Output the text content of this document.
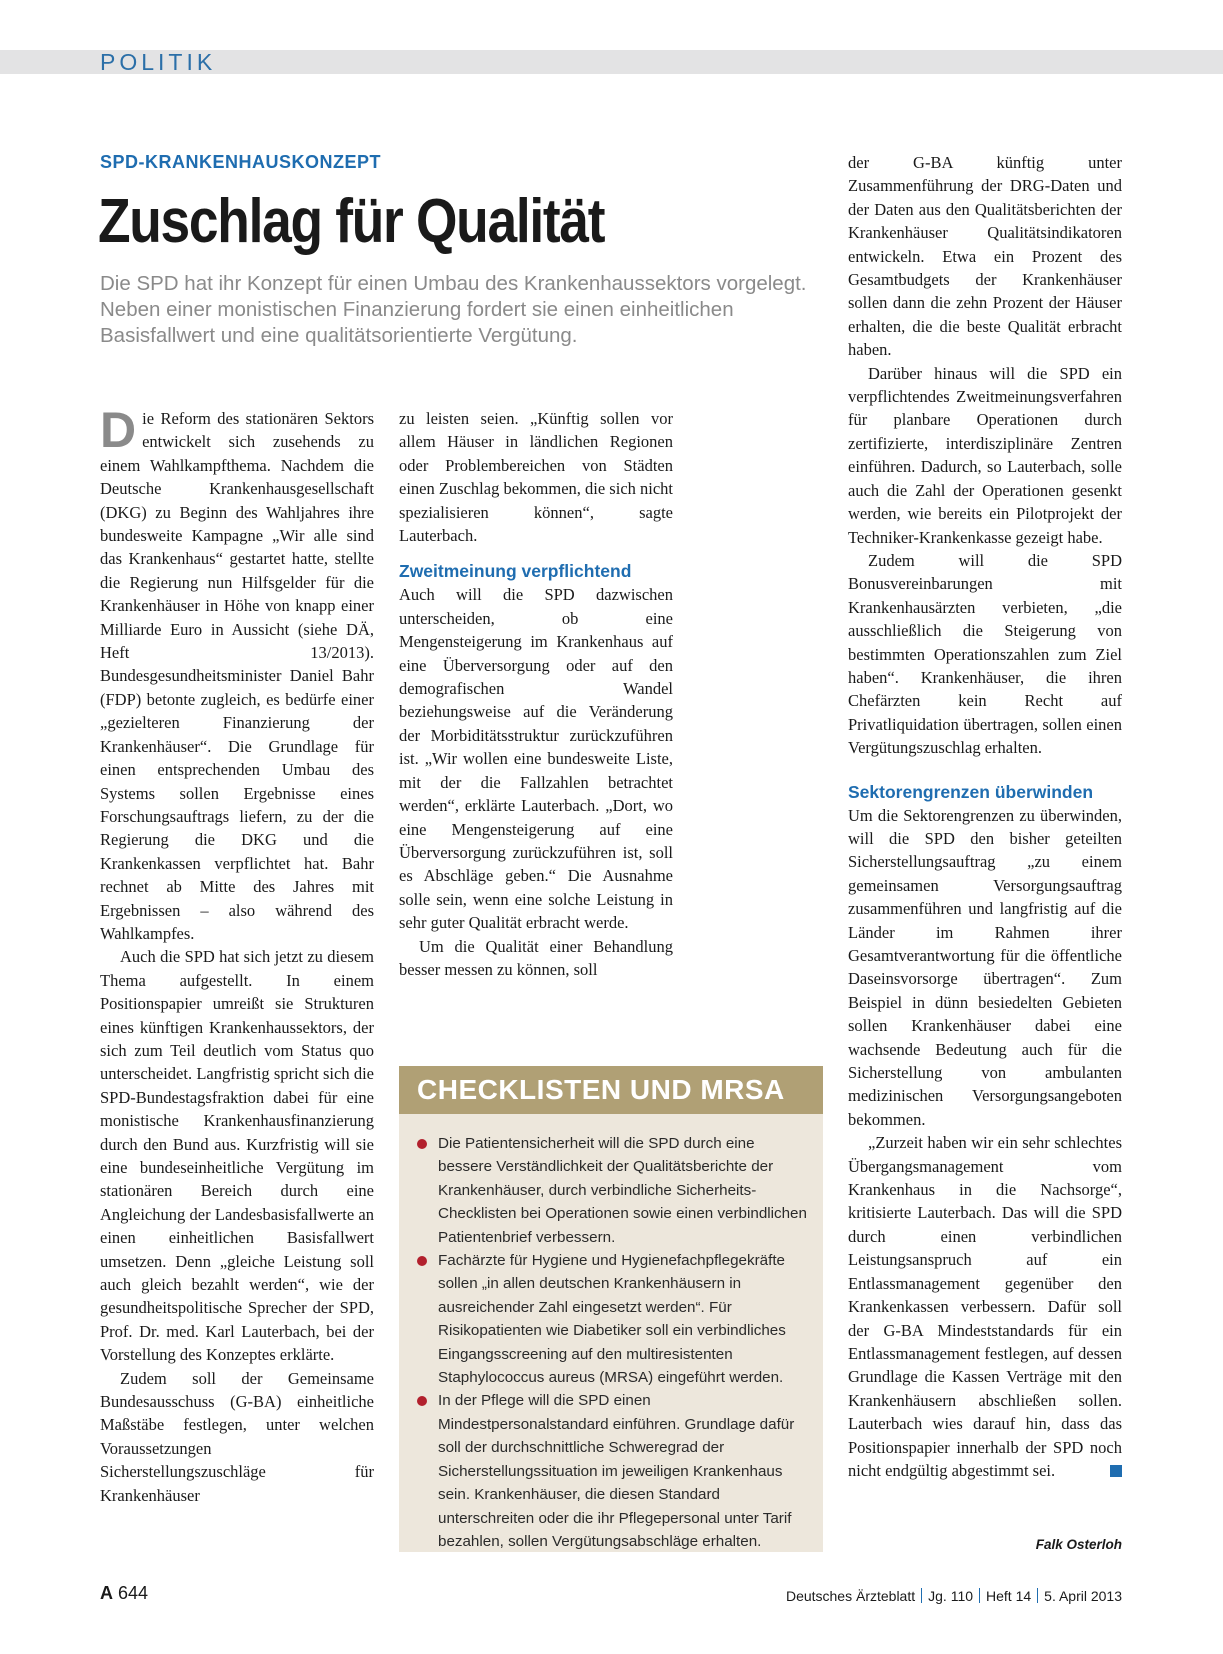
POLITIK
SPD-KRANKENHAUSKONZEPT
Zuschlag für Qualität

Die SPD hat ihr Konzept für einen Umbau des Krankenhaussektors vorgelegt. Neben einer monistischen Finanzierung fordert sie einen einheitlichen Basisfallwert und eine qualitätsorientierte Vergütung.

Die Reform des stationären Sektors entwickelt sich zusehends zu einem Wahlkampfthema. Nachdem die Deutsche Krankenhausgesellschaft (DKG) zu Beginn des Wahljahres ihre bundesweite Kampagne „Wir alle sind das Krankenhaus“ gestartet hatte, stellte die Regierung nun Hilfsgelder für die Krankenhäuser in Höhe von knapp einer Milliarde Euro in Aussicht (siehe DÄ, Heft 13/2013). Bundesgesundheitsminister Daniel Bahr (FDP) betonte zugleich, es bedürfe einer „gezielteren Finanzierung der Krankenhäuser“. Die Grundlage für einen entsprechenden Umbau des Systems sollen Ergebnisse eines Forschungsauftrags liefern, zu der die Regierung die DKG und die Krankenkassen verpflichtet hat. Bahr rechnet ab Mitte des Jahres mit Ergebnissen – also während des Wahlkampfes.

Auch die SPD hat sich jetzt zu diesem Thema aufgestellt. In einem Positionspapier umreißt sie Strukturen eines künftigen Krankenhaussektors, der sich zum Teil deutlich vom Status quo unterscheidet. Langfristig spricht sich die SPD-Bundestagsfraktion dabei für eine monistische Krankenhausfinanzierung durch den Bund aus. Kurzfristig will sie eine bundeseinheitliche Vergütung im stationären Bereich durch eine Angleichung der Landesbasisfallwerte an einen einheitlichen Basisfallwert umsetzen. Denn „gleiche Leistung soll auch gleich bezahlt werden“, wie der gesundheitspolitische Sprecher der SPD, Prof. Dr. med. Karl Lauterbach, bei der Vorstellung des Konzeptes erklärte.

Zudem soll der Gemeinsame Bundesausschuss (G-BA) einheitliche Maßstäbe festlegen, unter welchen Voraussetzungen Sicherstellungszuschläge für Krankenhäuser

zu leisten seien. „Künftig sollen vor allem Häuser in ländlichen Regionen oder Problembereichen von Städten einen Zuschlag bekommen, die sich nicht spezialisieren können“, sagte Lauterbach.

Zweitmeinung verpflichtend

Auch will die SPD dazwischen unterscheiden, ob eine Mengensteigerung im Krankenhaus auf eine Überversorgung oder auf den demografischen Wandel beziehungsweise auf die Veränderung der Morbiditätsstruktur zurückzuführen ist. „Wir wollen eine bundesweite Liste, mit der die Fallzahlen betrachtet werden“, erklärte Lauterbach. „Dort, wo eine Mengensteigerung auf eine Überversorgung zurückzuführen ist, soll es Abschläge geben.“ Die Ausnahme solle sein, wenn eine solche Leistung in sehr guter Qualität erbracht werde.

Um die Qualität einer Behandlung besser messen zu können, soll

der G-BA künftig unter Zusammenführung der DRG-Daten und der Daten aus den Qualitätsberichten der Krankenhäuser Qualitätsindikatoren entwickeln. Etwa ein Prozent des Gesamtbudgets der Krankenhäuser sollen dann die zehn Prozent der Häuser erhalten, die die beste Qualität erbracht haben.

Darüber hinaus will die SPD ein verpflichtendes Zweitmeinungsverfahren für planbare Operationen durch zertifizierte, interdisziplinäre Zentren einführen. Dadurch, so Lauterbach, solle auch die Zahl der Operationen gesenkt werden, wie bereits ein Pilotprojekt der Techniker-Krankenkasse gezeigt habe.

Zudem will die SPD Bonusvereinbarungen mit Krankenhausärzten verbieten, „die ausschließlich die Steigerung von bestimmten Operationszahlen zum Ziel haben“. Krankenhäuser, die ihren Chefärzten kein Recht auf Privatliquidation übertragen, sollen einen Vergütungszuschlag erhalten.

Sektorengrenzen überwinden

Um die Sektorengrenzen zu überwinden, will die SPD den bisher geteilten Sicherstellungsauftrag „zu einem gemeinsamen Versorgungsauftrag zusammenführen und langfristig auf die Länder im Rahmen ihrer Gesamtverantwortung für die öffentliche Daseinsvorsorge übertragen“. Zum Beispiel in dünn besiedelten Gebieten sollen Krankenhäuser dabei eine wachsende Bedeutung auch für die Sicherstellung von ambulanten medizinischen Versorgungsangeboten bekommen.

„Zurzeit haben wir ein sehr schlechtes Übergangsmanagement vom Krankenhaus in die Nachsorge“, kritisierte Lauterbach. Das will die SPD durch einen verbindlichen Leistungsanspruch auf ein Entlassmanagement gegenüber den Krankenkassen verbessern. Dafür soll der G-BA Mindeststandards für ein Entlassmanagement festlegen, auf dessen Grundlage die Kassen Verträge mit den Krankenhäusern abschließen sollen. Lauterbach wies darauf hin, dass das Positionspapier innerhalb der SPD noch nicht endgültig abgestimmt sei.

Falk Osterloh
CHECKLISTEN UND MRSA
Die Patientensicherheit will die SPD durch eine bessere Verständlichkeit der Qualitätsberichte der Krankenhäuser, durch verbindliche Sicherheits-Checklisten bei Operationen sowie einen verbindlichen Patientenbrief verbessern.
Fachärzte für Hygiene und Hygienefachpflegekräfte sollen „in allen deutschen Krankenhäusern in ausreichender Zahl eingesetzt werden“. Für Risikopatienten wie Diabetiker soll ein verbindliches Eingangsscreening auf den multiresistenten Staphylococcus aureus (MRSA) eingeführt werden.
In der Pflege will die SPD einen Mindestpersonalstandard einführen. Grundlage dafür soll der durchschnittliche Schweregrad der Sicherstellungssituation im jeweiligen Krankenhaus sein. Krankenhäuser, die diesen Standard unterschreiten oder die ihr Pflegepersonal unter Tarif bezahlen, sollen Vergütungsabschläge erhalten.
A 644	Deutsches Ärzteblatt Jg. 110 Heft 14 5. April 2013
